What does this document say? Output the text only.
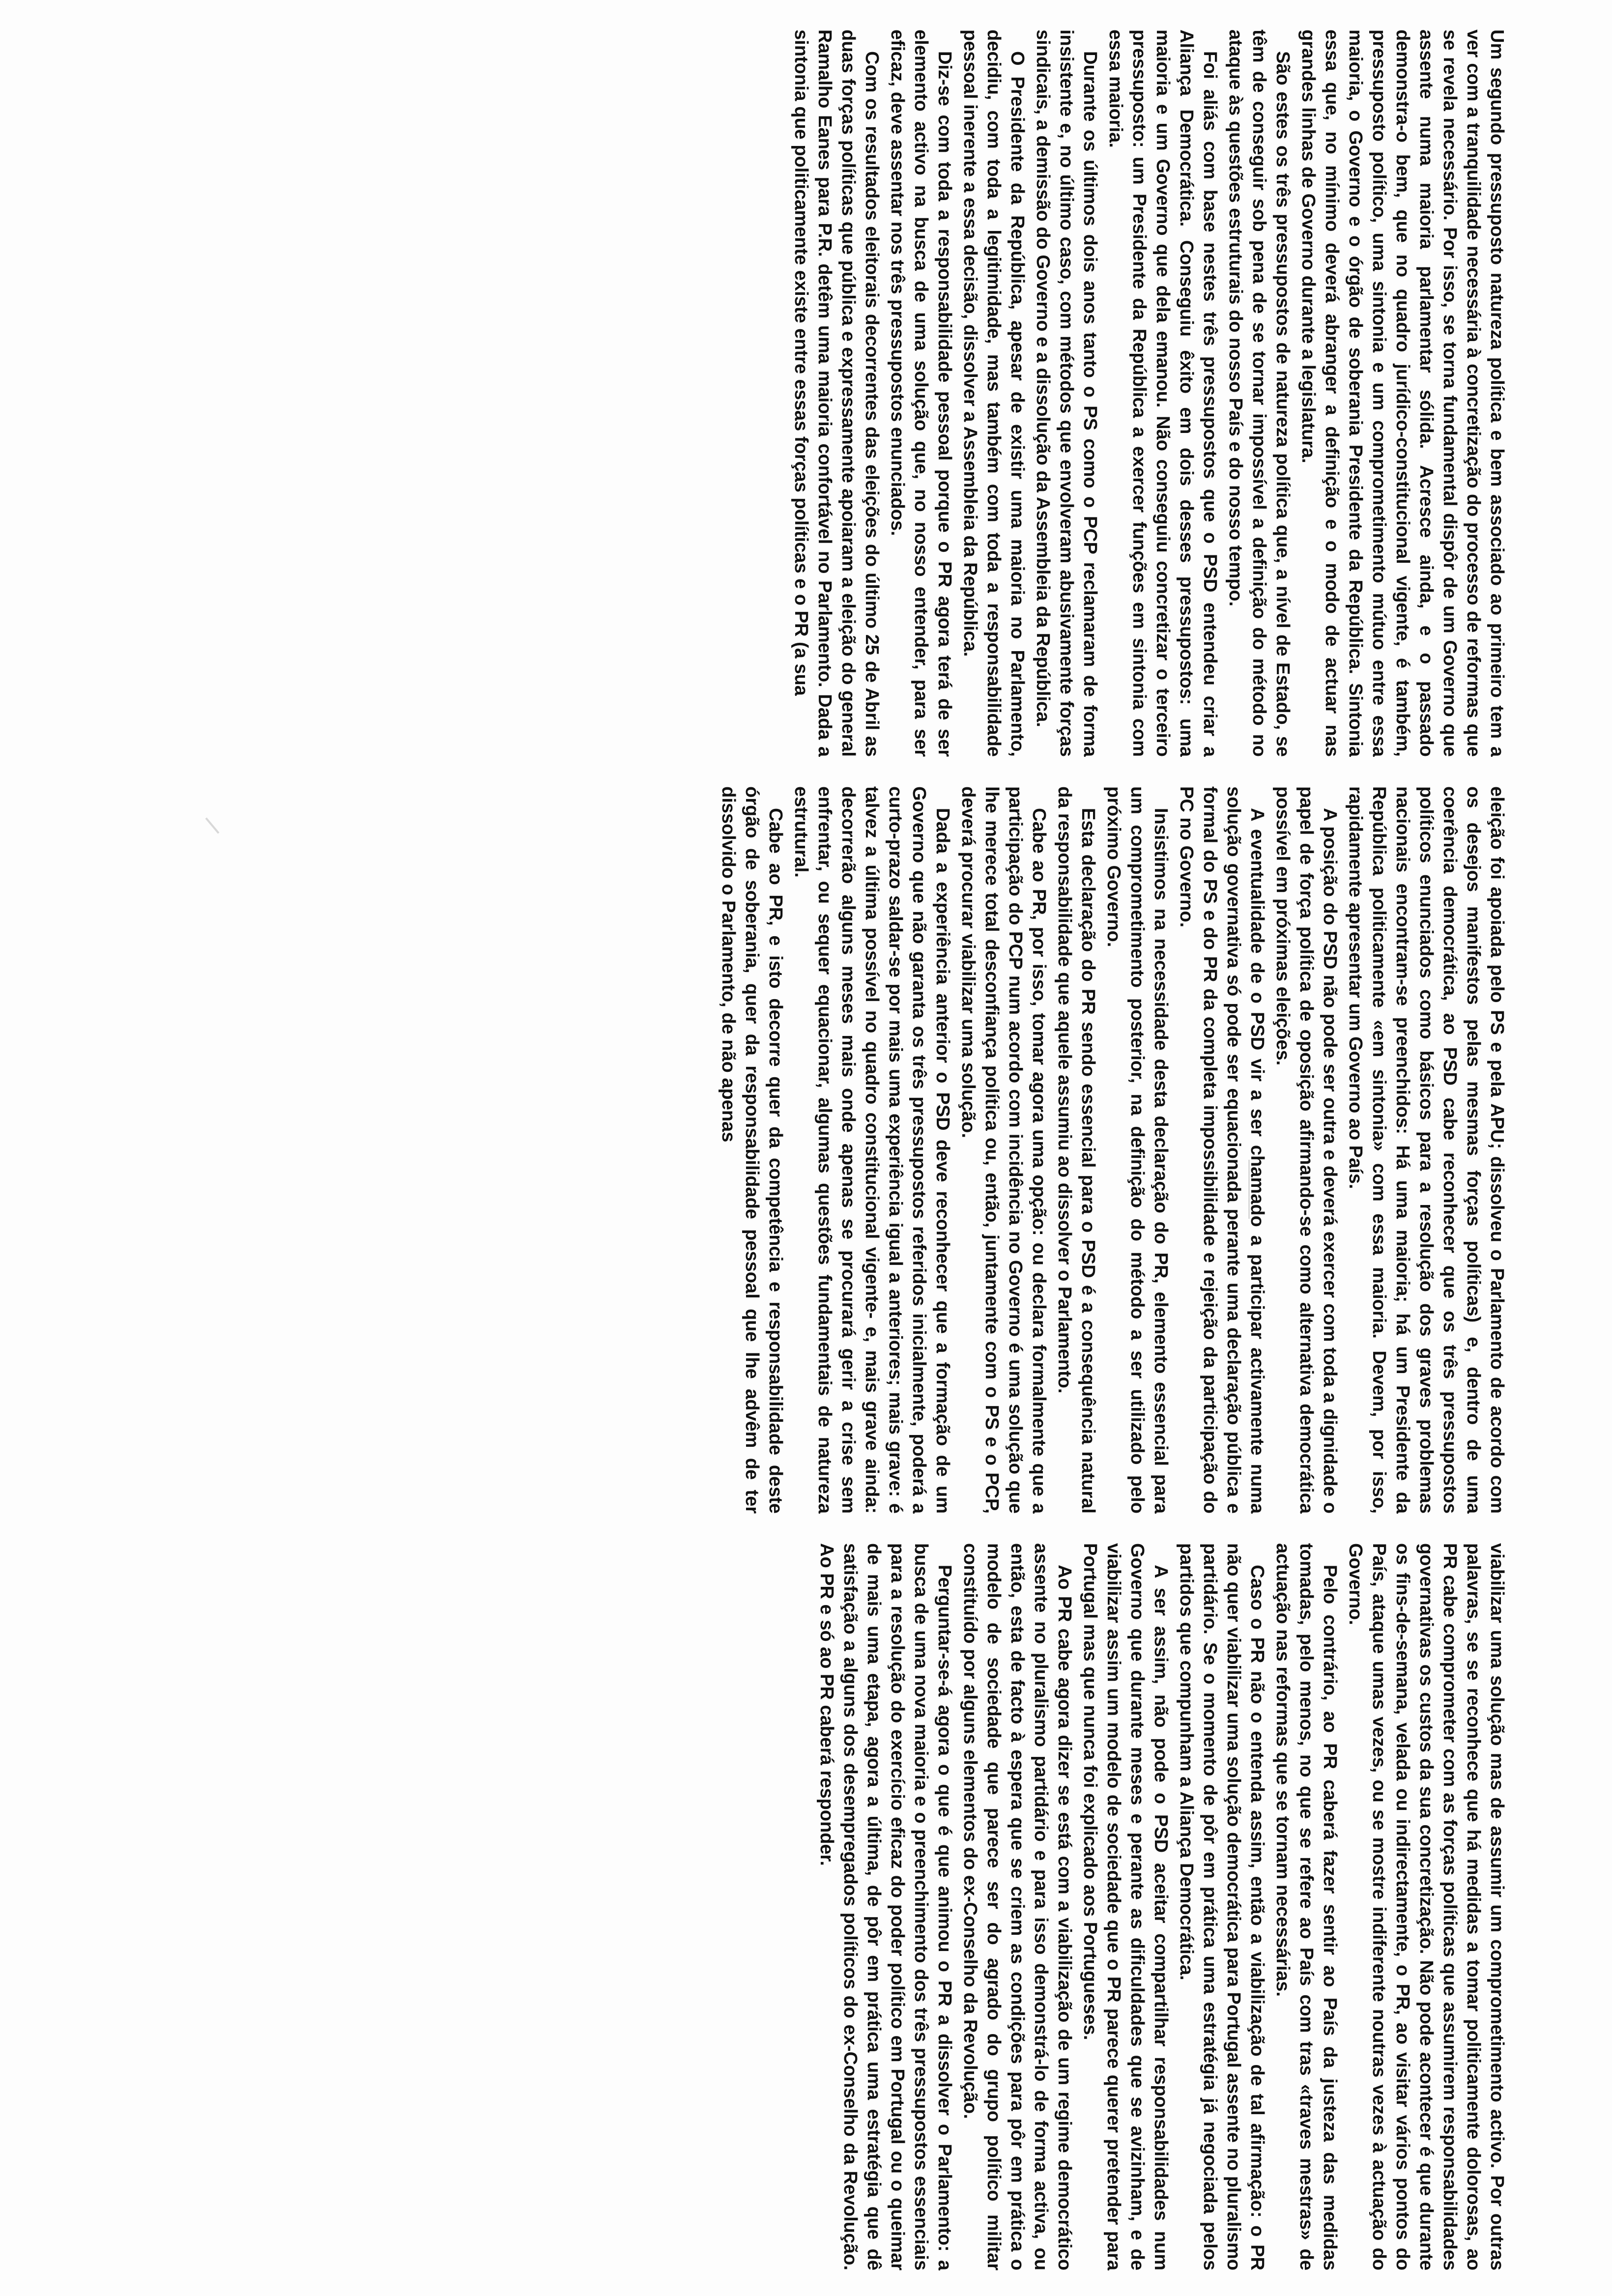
Um segundo pressuposto natureza política e bem associado ao primeiro tem a ver com a tranquilidade necessária à concretização do processo de reformas que se revela necessário. Por isso, se torna fundamental dispôr de um Governo que assente numa maioria parlamentar sólida. Acresce ainda, e o passado demonstra-o bem, que no quadro jurídico-constitucional vigente, é também, pressuposto político, uma sintonia e um comprometimento mútuo entre essa maioria, o Governo e o órgão de soberania Presidente da República. Sintonia essa que, no mínimo deverá abranger a definição e o modo de actuar nas grandes linhas de Governo durante a legislatura.

São estes os três pressupostos de natureza política que, a nível de Estado, se têm de conseguir sob pena de se tornar impossível a definição do método no ataque às questões estruturais do nosso País e do nosso tempo.

Foi aliás com base nestes três pressupostos que o PSD entendeu criar a Aliança Democrática. Conseguiu êxito em dois desses pressupostos: uma maioria e um Governo que dela emanou. Não conseguiu concretizar o terceiro pressuposto: um Presidente da República a exercer funções em sintonia com essa maioria.

Durante os últimos dois anos tanto o PS como o PCP reclamaram de forma insistente e, no último caso, com métodos que envolveram abusivamente forças sindicais, a demissão do Governo e a dissolução da Assembleia da República.

O Presidente da República, apesar de existir uma maioria no Parlamento, decidiu, com toda a legitimidade, mas também com toda a responsabilidade pessoal inerente a essa decisão, dissolver a Assembleia da República.

Diz-se com toda a responsabilidade pessoal porque o PR agora terá de ser elemento activo na busca de uma solução que, no nosso entender, para ser eficaz, deve assentar nos três pressupostos enunciados.

Com os resultados eleitorais decorrentes das eleições do último 25 de Abril as duas forças políticas que pública e expressamente apoiaram a eleição do general Ramalho Eanes para P.R. detêm uma maioria confortável no Parlamento. Dada a sintonia que politicamente existe entre essas forças políticas e o PR (a sua

eleição foi apoiada pelo PS e pela APU; dissolveu o Parlamento de acordo com os desejos manifestos pelas mesmas forças políticas) e, dentro de uma coerência democrática, ao PSD cabe reconhecer que os três pressupostos políticos enunciados como básicos para a resolução dos graves problemas nacionais encontram-se preenchidos: Há uma maioria; há um Presidente da República politicamente «em sintonia» com essa maioria. Devem, por isso, rapidamente apresentar um Governo ao País.

A posição do PSD não pode ser outra e deverá exercer com toda a dignidade o papel de força política de oposição afirmando-se como alternativa democrática possível em próximas eleições.

A eventualidade de o PSD vir a ser chamado a participar activamente numa solução governativa só pode ser equacionada perante uma declaração pública e formal do PS e do PR da completa impossibilidade e rejeição da participação do PC no Governo.

Insistimos na necessidade desta declaração do PR, elemento essencial para um comprometimento posterior, na definição do método a ser utilizado pelo próximo Governo.

Esta declaração do PR sendo essencial para o PSD é a consequência natural da responsabilidade que aquele assumiu ao dissolver o Parlamento.

Cabe ao PR, por isso, tomar agora uma opção: ou declara formalmente que a participação do PCP num acordo com incidência no Governo é uma solução que lhe merece total desconfiança política ou, então, juntamente com o PS e o PCP, deverá procurar viabilizar uma solução.

Dada a experiência anterior o PSD deve reconhecer que a formação de um Governo que não garanta os três pressupostos referidos inicialmente, poderá a curto-prazo saldar-se por mais uma experiência igual a anteriores; mais grave: é talvez a última possível no quadro constitucional vigente- e, mais grave ainda: decorrerão alguns meses mais onde apenas se procurará gerir a crise sem enfrentar, ou sequer equacionar, algumas questões fundamentais de natureza estrutural.

Cabe ao PR, e isto decorre quer da competência e responsabilidade deste órgão de soberania, quer da responsabilidade pessoal que lhe advêm de ter dissolvido o Parlamento, de não apenas

viabilizar uma solução mas de assumir um comprometimento activo. Por outras palavras, se se reconhece que há medidas a tomar politicamente dolorosas, ao PR cabe comprometer com as forças políticas que assumirem responsabilidades governativas os custos da sua concretização. Não pode acontecer é que durante os fins-de-semana, velada ou indirectamente, o PR, ao visitar vários pontos do País, ataque umas vezes, ou se mostre indiferente noutras vezes à actuação do Governo.

Pelo contrário, ao PR caberá fazer sentir ao País da justeza das medidas tomadas, pelo menos, no que se refere ao País com tras «traves mestras» de actuação nas reformas que se tornam necessárias.

Caso o PR não o entenda assim, então a viabilização de tal afirmação: o PR não quer viabilizar uma solução democrática para Portugal assente no pluralismo partidário. Se o momento de pôr em prática uma estratégia já negociada pelos partidos que compunham a Aliança Democrática.

A ser assim, não pode o PSD aceitar compartilhar responsabilidades num Governo que durante meses e perante as dificuldades que se avizinham, e de viabilizar assim um modelo de sociedade que o PR parece querer pretender para Portugal mas que nunca foi explicado aos Portugueses.

Ao PR cabe agora dizer se está com a viabilização de um regime democrático assente no pluralismo partidário e para isso demonstrá-lo de forma activa, ou então, esta de facto à espera que se criem as condições para pôr em prática o modelo de sociedade que parece ser do agrado do grupo político militar constituído por alguns elementos do ex-Conselho da Revolução.

Perguntar-se-á agora o que é que animou o PR a dissolver o Parlamento: a busca de uma nova maioria e o preenchimento dos três pressupostos essenciais para a resolução do exercício eficaz do poder político em Portugal ou o queimar de mais uma etapa, agora a última, de pôr em prática uma estratégia que dê satisfação a alguns dos desempregados políticos do ex-Conselho da Revolução. Ao PR e só ao PR caberá responder.
